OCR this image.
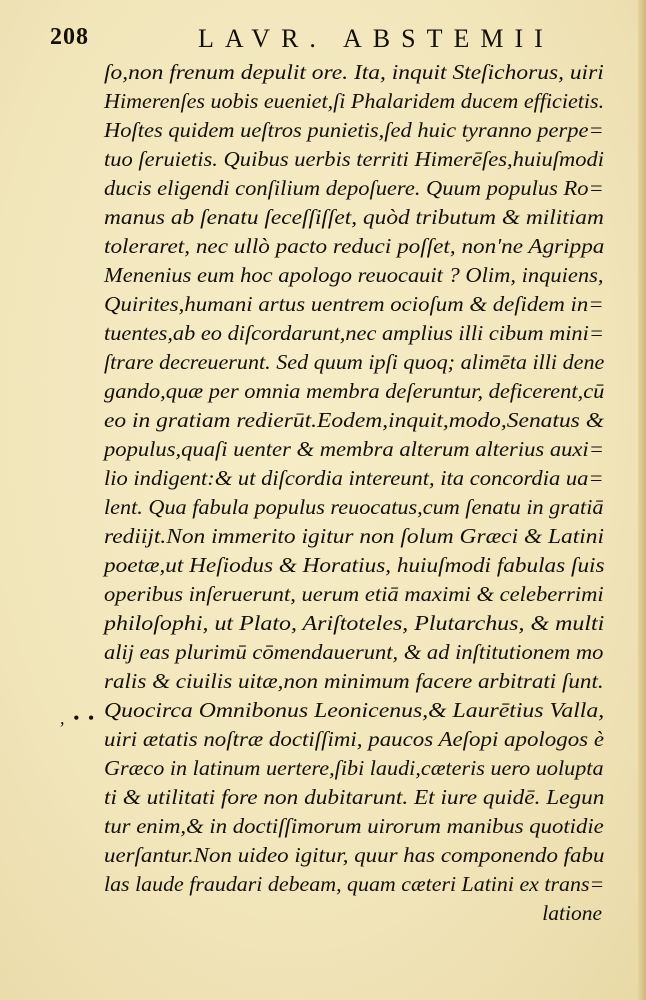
208	LAVR. ABSTEMII
, • •
ſo,non frenum depulit ore. Ita, inquit Steſichorus, uiri
Himerenſes uobis eueniet,ſi Phalaridem ducem efficietis.
Hoſtes quidem ueſtros punietis,ſed huic tyranno perpe=
tuo ſeruietis. Quibus uerbis territi Himerēſes,huiuſmodi
ducis eligendi conſilium depoſuere. Quum populus Ro=
manus ab ſenatu ſeceſſiſſet, quòd tributum & militiam
toleraret, nec ullò pacto reduci poſſet, non'ne Agrippa
Menenius eum hoc apologo reuocauit ? Olim, inquiens,
Quirites,humani artus uentrem ocioſum & deſidem in=
tuentes,ab eo diſcordarunt,nec amplius illi cibum mini=
ſtrare decreuerunt. Sed quum ipſi quoq; alimēta illi dene
gando,quæ per omnia membra deſeruntur, deficerent,cū
eo in gratiam redierūt.Eodem,inquit,modo,Senatus &
populus,quaſi uenter & membra alterum alterius auxi=
lio indigent:& ut diſcordia intereunt, ita concordia ua=
lent. Qua fabula populus reuocatus,cum ſenatu in gratiā
rediijt.Non immerito igitur non ſolum Græci & Latini
poetæ,ut Heſiodus & Horatius, huiuſmodi fabulas ſuis
operibus inſeruerunt, uerum etiā maximi & celeberrimi
philoſophi, ut Plato, Ariſtoteles, Plutarchus, & multi
alij eas plurimū cōmendauerunt, & ad inſtitutionem mo
ralis & ciuilis uitæ,non minimum facere arbitrati ſunt.
Quocirca Omnibonus Leonicenus,& Laurētius Valla,
uiri ætatis noſtræ doctiſſimi, paucos Aeſopi apologos è
Græco in latinum uertere,ſibi laudi,cæteris uero uolupta
ti & utilitati fore non dubitarunt. Et iure quidē. Legun
tur enim,& in doctiſſimorum uirorum manibus quotidie
uerſantur.Non uideo igitur, quur has componendo fabu
las laude fraudari debeam, quam cæteri Latini ex trans=
latione
